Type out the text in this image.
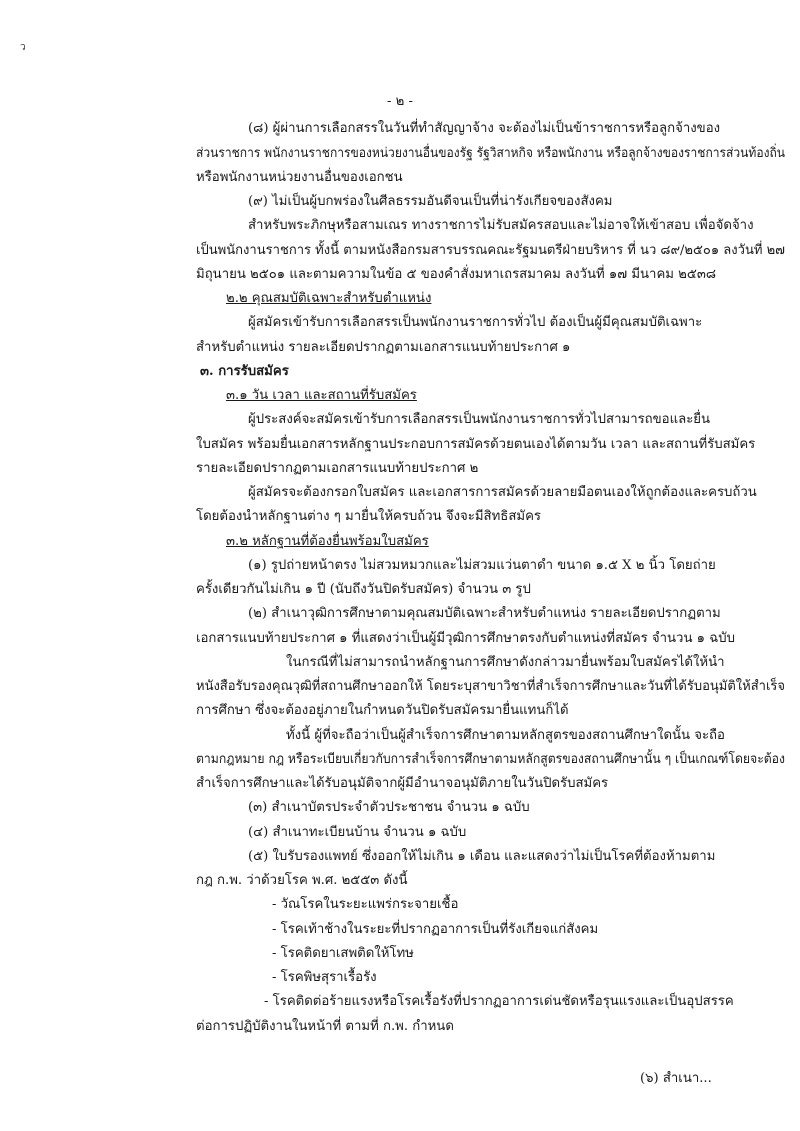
ว
- ๒ -
(๘) ผู้ผ่านการเลือกสรรในวันที่ทำสัญญาจ้าง จะต้องไม่เป็นข้าราชการหรือลูกจ้างของ
ส่วนราชการ พนักงานราชการของหน่วยงานอื่นของรัฐ รัฐวิสาหกิจ หรือพนักงาน หรือลูกจ้างของราชการส่วนท้องถิ่น
หรือพนักงานหน่วยงานอื่นของเอกชน
(๙) ไม่เป็นผู้บกพร่องในศีลธรรมอันดีจนเป็นที่น่ารังเกียจของสังคม
สำหรับพระภิกษุหรือสามเณร ทางราชการไม่รับสมัครสอบและไม่อาจให้เข้าสอบ เพื่อจัดจ้าง
เป็นพนักงานราชการ ทั้งนี้ ตามหนังสือกรมสารบรรณคณะรัฐมนตรีฝ่ายบริหาร ที่ นว ๘๙/๒๕๐๑ ลงวันที่ ๒๗
มิถุนายน ๒๕๐๑ และตามความในข้อ ๕ ของคำสั่งมหาเถรสมาคม ลงวันที่ ๑๗ มีนาคม ๒๕๓๘
๒.๒ คุณสมบัติเฉพาะสำหรับตำแหน่ง
ผู้สมัครเข้ารับการเลือกสรรเป็นพนักงานราชการทั่วไป ต้องเป็นผู้มีคุณสมบัติเฉพาะ
สำหรับตำแหน่ง รายละเอียดปรากฏตามเอกสารแนบท้ายประกาศ ๑
๓. การรับสมัคร
๓.๑ วัน เวลา และสถานที่รับสมัคร
ผู้ประสงค์จะสมัครเข้ารับการเลือกสรรเป็นพนักงานราชการทั่วไปสามารถขอและยื่น
ใบสมัคร พร้อมยื่นเอกสารหลักฐานประกอบการสมัครด้วยตนเองได้ตามวัน เวลา และสถานที่รับสมัคร
รายละเอียดปรากฏตามเอกสารแนบท้ายประกาศ ๒
ผู้สมัครจะต้องกรอกใบสมัคร และเอกสารการสมัครด้วยลายมือตนเองให้ถูกต้องและครบถ้วน
โดยต้องนำหลักฐานต่าง ๆ มายื่นให้ครบถ้วน จึงจะมีสิทธิสมัคร
๓.๒ หลักฐานที่ต้องยื่นพร้อมใบสมัคร
(๑) รูปถ่ายหน้าตรง ไม่สวมหมวกและไม่สวมแว่นตาดำ ขนาด ๑.๕ X ๒ นิ้ว โดยถ่าย
ครั้งเดียวกันไม่เกิน ๑ ปี (นับถึงวันปิดรับสมัคร) จำนวน ๓ รูป
(๒) สำเนาวุฒิการศึกษาตามคุณสมบัติเฉพาะสำหรับตำแหน่ง รายละเอียดปรากฏตาม
เอกสารแนบท้ายประกาศ ๑ ที่แสดงว่าเป็นผู้มีวุฒิการศึกษาตรงกับตำแหน่งที่สมัคร จำนวน ๑ ฉบับ
ในกรณีที่ไม่สามารถนำหลักฐานการศึกษาดังกล่าวมายื่นพร้อมใบสมัครได้ให้นำ
หนังสือรับรองคุณวุฒิที่สถานศึกษาออกให้ โดยระบุสาขาวิชาที่สำเร็จการศึกษาและวันที่ได้รับอนุมัติให้สำเร็จ
การศึกษา ซึ่งจะต้องอยู่ภายในกำหนดวันปิดรับสมัครมายื่นแทนก็ได้
ทั้งนี้ ผู้ที่จะถือว่าเป็นผู้สำเร็จการศึกษาตามหลักสูตรของสถานศึกษาใดนั้น จะถือ
ตามกฎหมาย กฎ หรือระเบียบเกี่ยวกับการสำเร็จการศึกษาตามหลักสูตรของสถานศึกษานั้น ๆ เป็นเกณฑ์โดยจะต้อง
สำเร็จการศึกษาและได้รับอนุมัติจากผู้มีอำนาจอนุมัติภายในวันปิดรับสมัคร
(๓) สำเนาบัตรประจำตัวประชาชน จำนวน ๑ ฉบับ
(๔) สำเนาทะเบียนบ้าน จำนวน ๑ ฉบับ
(๕) ใบรับรองแพทย์ ซึ่งออกให้ไม่เกิน ๑ เดือน และแสดงว่าไม่เป็นโรคที่ต้องห้ามตาม
กฎ ก.พ. ว่าด้วยโรค พ.ศ. ๒๕๕๓ ดังนี้
- วัณโรคในระยะแพร่กระจายเชื้อ
- โรคเท้าช้างในระยะที่ปรากฏอาการเป็นที่รังเกียจแก่สังคม
- โรคติดยาเสพติดให้โทษ
- โรคพิษสุราเรื้อรัง
- โรคติดต่อร้ายแรงหรือโรคเรื้อรังที่ปรากฏอาการเด่นชัดหรือรุนแรงและเป็นอุปสรรค
ต่อการปฏิบัติงานในหน้าที่ ตามที่ ก.พ. กำหนด
(๖) สำเนา...
